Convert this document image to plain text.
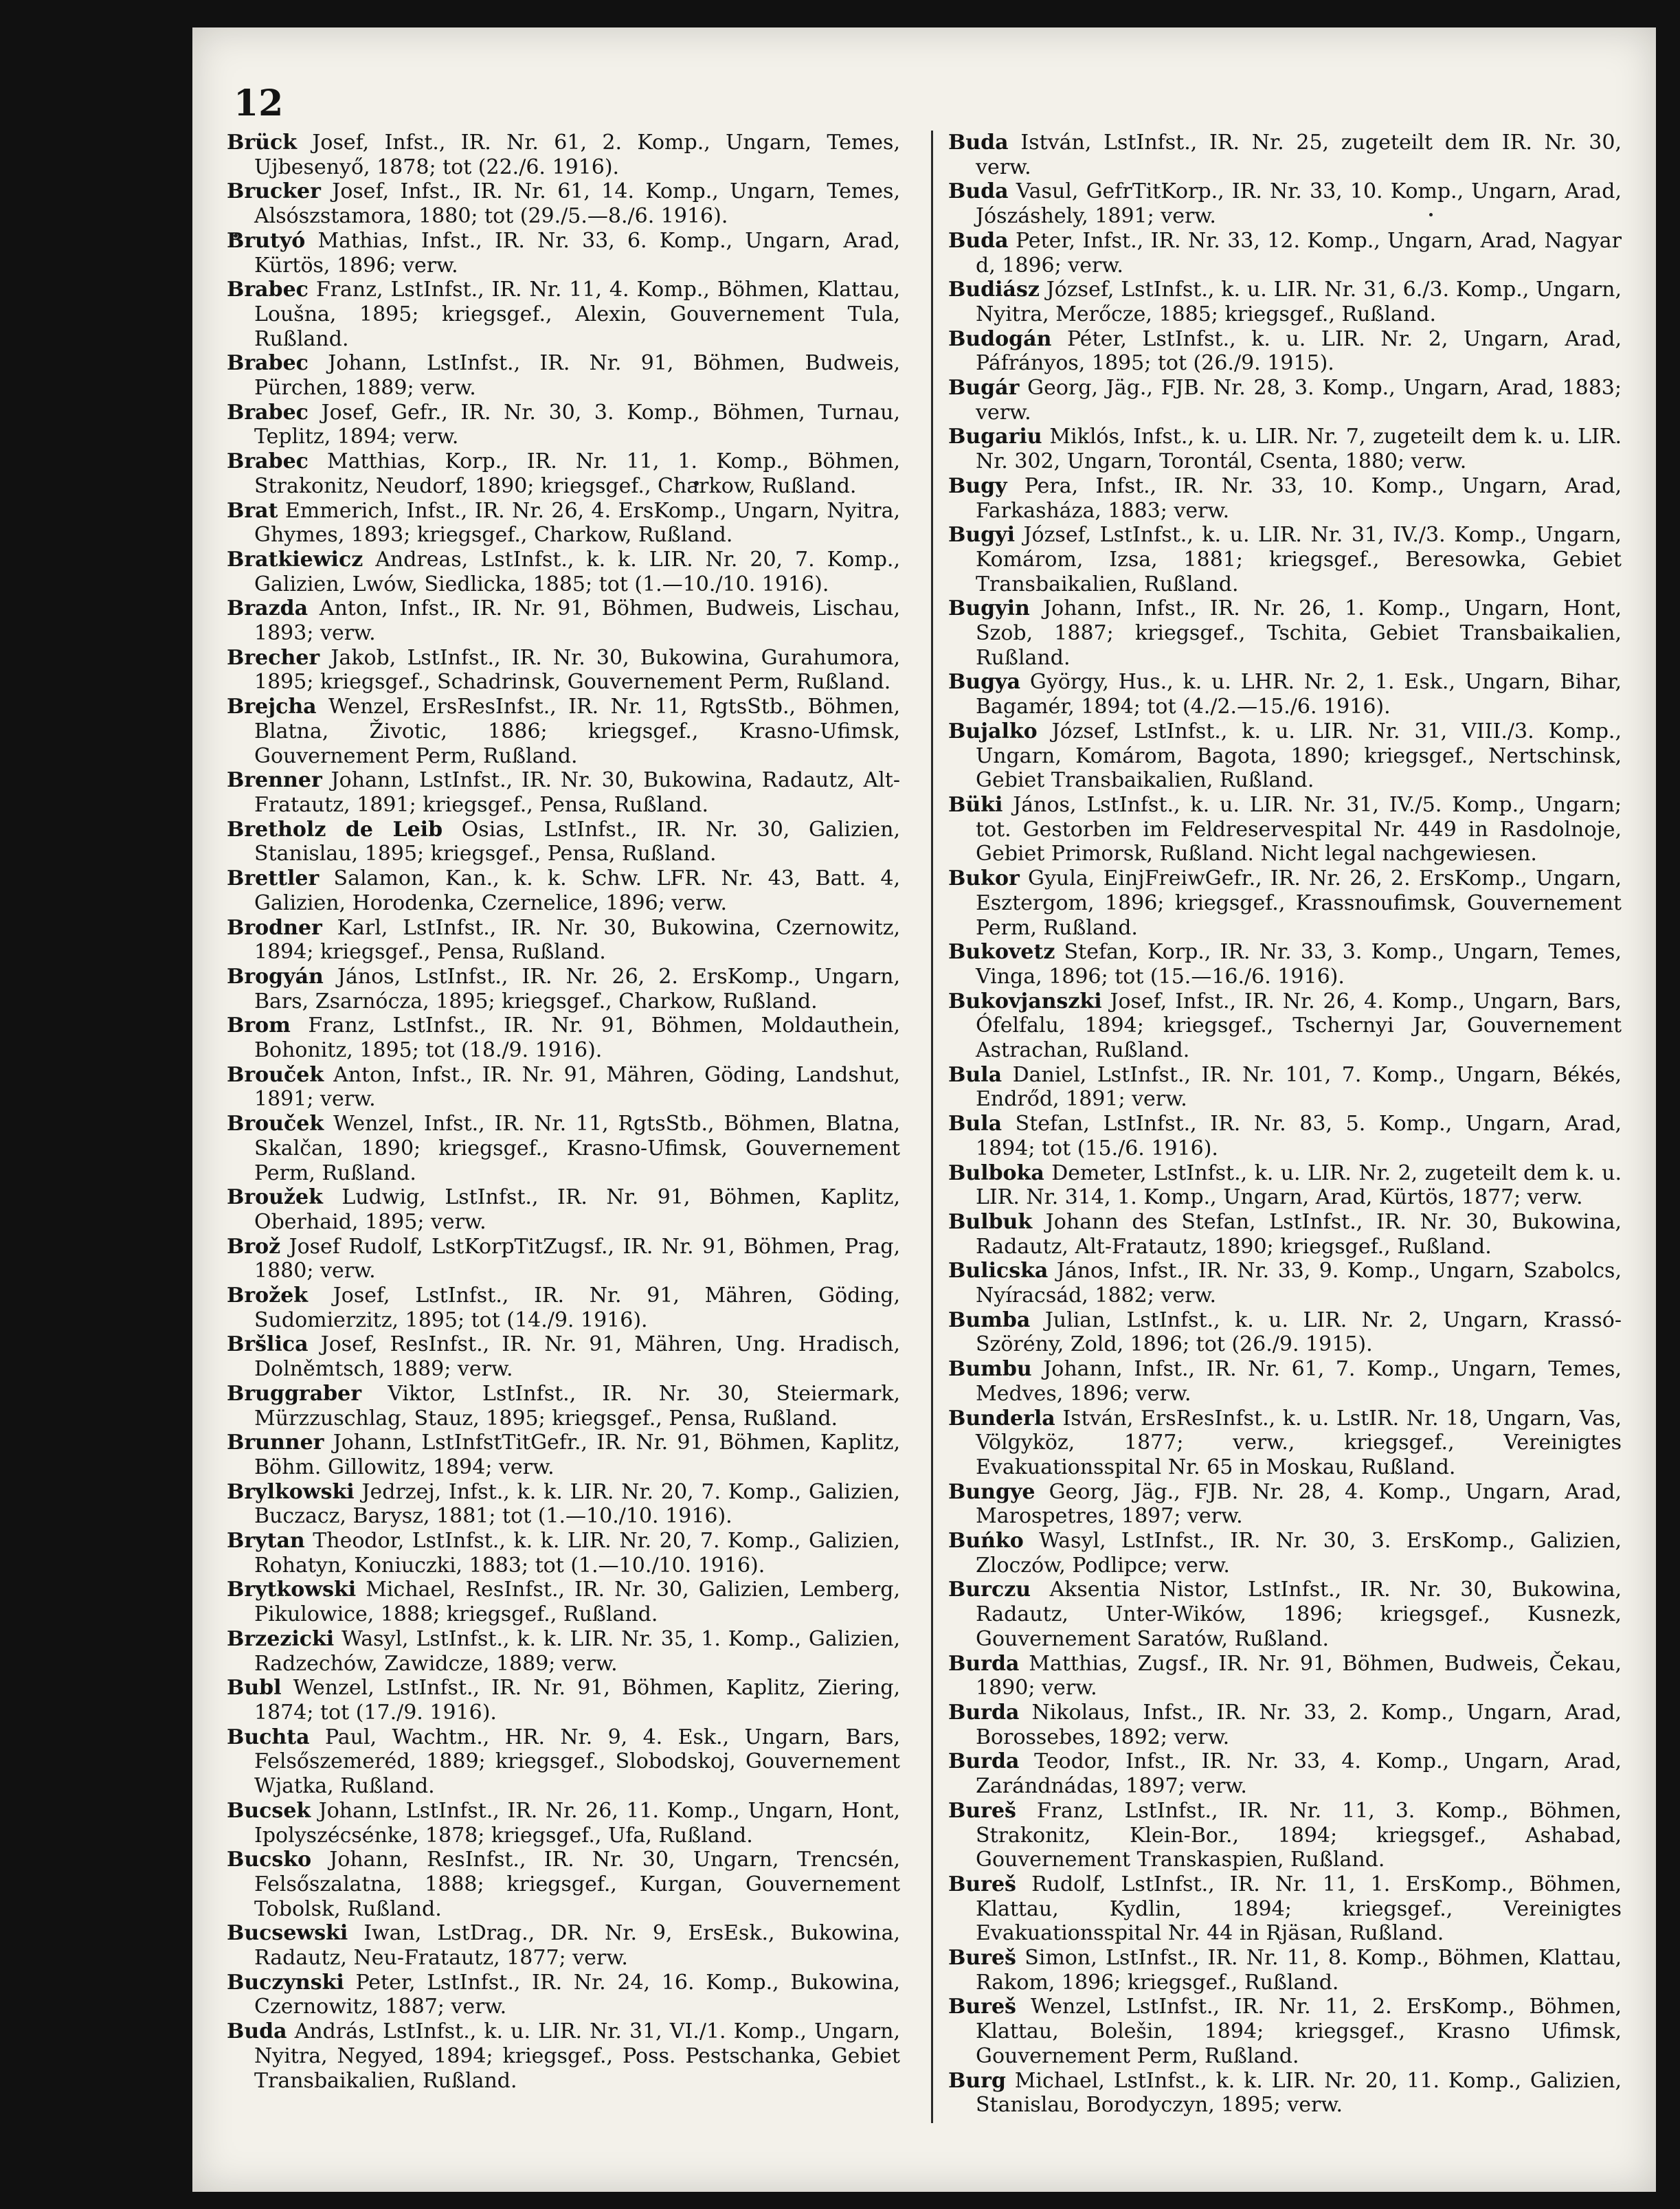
12

Brück Josef, Infst., IR. Nr. 61, 2. Komp., Ungarn, Temes, Ujbesenyő, 1878; tot (22./6. 1916).

Brucker Josef, Infst., IR. Nr. 61, 14. Komp., Ungarn, Temes, Alsószstamora, 1880; tot (29./5.—8./6. 1916).

Brutyó Mathias, Infst., IR. Nr. 33, 6. Komp., Ungarn, Arad, Kürtös, 1896; verw.

Brabec Franz, LstInfst., IR. Nr. 11, 4. Komp., Böhmen, Klattau, Loušna, 1895; kriegsgef., Alexin, Gouvernement Tula, Rußland.

Brabec Johann, LstInfst., IR. Nr. 91, Böhmen, Budweis, Pürchen, 1889; verw.

Brabec Josef, Gefr., IR. Nr. 30, 3. Komp., Böhmen, Turnau, Teplitz, 1894; verw.

Brabec Matthias, Korp., IR. Nr. 11, 1. Komp., Böhmen, Strakonitz, Neudorf, 1890; kriegsgef., Charkow, Rußland.

Brat Emmerich, Infst., IR. Nr. 26, 4. ErsKomp., Ungarn, Nyitra, Ghymes, 1893; kriegsgef., Charkow, Rußland.

Bratkiewicz Andreas, LstInfst., k. k. LIR. Nr. 20, 7. Komp., Galizien, Lwów, Siedlicka, 1885; tot (1.—10./10. 1916).

Brazda Anton, Infst., IR. Nr. 91, Böhmen, Budweis, Lischau, 1893; verw.

Brecher Jakob, LstInfst., IR. Nr. 30, Bukowina, Gurahumora, 1895; kriegsgef., Schadrinsk, Gouvernement Perm, Rußland.

Brejcha Wenzel, ErsResInfst., IR. Nr. 11, RgtsStb., Böhmen, Blatna, Životic, 1886; kriegsgef., Krasno-Ufimsk, Gouvernement Perm, Rußland.

Brenner Johann, LstInfst., IR. Nr. 30, Bukowina, Radautz, Alt-Fratautz, 1891; kriegsgef., Pensa, Rußland.

Bretholz de Leib Osias, LstInfst., IR. Nr. 30, Galizien, Stanislau, 1895; kriegsgef., Pensa, Rußland.

Brettler Salamon, Kan., k. k. Schw. LFR. Nr. 43, Batt. 4, Galizien, Horodenka, Czernelice, 1896; verw.

Brodner Karl, LstInfst., IR. Nr. 30, Bukowina, Czernowitz, 1894; kriegsgef., Pensa, Rußland.

Brogyán János, LstInfst., IR. Nr. 26, 2. ErsKomp., Ungarn, Bars, Zsarnócza, 1895; kriegsgef., Charkow, Rußland.

Brom Franz, LstInfst., IR. Nr. 91, Böhmen, Moldauthein, Bohonitz, 1895; tot (18./9. 1916).

Brouček Anton, Infst., IR. Nr. 91, Mähren, Göding, Landshut, 1891; verw.

Brouček Wenzel, Infst., IR. Nr. 11, RgtsStb., Böhmen, Blatna, Skalčan, 1890; kriegsgef., Krasno-Ufimsk, Gouvernement Perm, Rußland.

Broužek Ludwig, LstInfst., IR. Nr. 91, Böhmen, Kaplitz, Oberhaid, 1895; verw.

Brož Josef Rudolf, LstKorpTitZugsf., IR. Nr. 91, Böhmen, Prag, 1880; verw.

Brožek Josef, LstInfst., IR. Nr. 91, Mähren, Göding, Sudomierzitz, 1895; tot (14./9. 1916).

Bršlica Josef, ResInfst., IR. Nr. 91, Mähren, Ung. Hradisch, Dolněmtsch, 1889; verw.

Bruggraber Viktor, LstInfst., IR. Nr. 30, Steiermark, Mürzzuschlag, Stauz, 1895; kriegsgef., Pensa, Rußland.

Brunner Johann, LstInfstTitGefr., IR. Nr. 91, Böhmen, Kaplitz, Böhm. Gillowitz, 1894; verw.

Brylkowski Jedrzej, Infst., k. k. LIR. Nr. 20, 7. Komp., Galizien, Buczacz, Barysz, 1881; tot (1.—10./10. 1916).

Brytan Theodor, LstInfst., k. k. LIR. Nr. 20, 7. Komp., Galizien, Rohatyn, Koniuczki, 1883; tot (1.—10./10. 1916).

Brytkowski Michael, ResInfst., IR. Nr. 30, Galizien, Lemberg, Pikulowice, 1888; kriegsgef., Rußland.

Brzezicki Wasyl, LstInfst., k. k. LIR. Nr. 35, 1. Komp., Galizien, Radzechów, Zawidcze, 1889; verw.

Bubl Wenzel, LstInfst., IR. Nr. 91, Böhmen, Kaplitz, Ziering, 1874; tot (17./9. 1916).

Buchta Paul, Wachtm., HR. Nr. 9, 4. Esk., Ungarn, Bars, Felsőszemeréd, 1889; kriegsgef., Slobodskoj, Gouvernement Wjatka, Rußland.

Bucsek Johann, LstInfst., IR. Nr. 26, 11. Komp., Ungarn, Hont, Ipolyszécsénke, 1878; kriegsgef., Ufa, Rußland.

Bucsko Johann, ResInfst., IR. Nr. 30, Ungarn, Trencsén, Felsőszalatna, 1888; kriegsgef., Kurgan, Gouvernement Tobolsk, Rußland.

Bucsewski Iwan, LstDrag., DR. Nr. 9, ErsEsk., Bukowina, Radautz, Neu-Fratautz, 1877; verw.

Buczynski Peter, LstInfst., IR. Nr. 24, 16. Komp., Bukowina, Czernowitz, 1887; verw.

Buda András, LstInfst., k. u. LIR. Nr. 31, VI./1. Komp., Ungarn, Nyitra, Negyed, 1894; kriegsgef., Poss. Pestschanka, Gebiet Transbaikalien, Rußland.

Buda István, LstInfst., IR. Nr. 25, zugeteilt dem IR. Nr. 30, verw.

Buda Vasul, GefrTitKorp., IR. Nr. 33, 10. Komp., Ungarn, Arad, Jószáshely, 1891; verw.

Buda Peter, Infst., IR. Nr. 33, 12. Komp., Ungarn, Arad, Nagyar d, 1896; verw.

Budiász József, LstInfst., k. u. LIR. Nr. 31, 6./3. Komp., Ungarn, Nyitra, Merőcze, 1885; kriegsgef., Rußland.

Budogán Péter, LstInfst., k. u. LIR. Nr. 2, Ungarn, Arad, Páfrányos, 1895; tot (26./9. 1915).

Bugár Georg, Jäg., FJB. Nr. 28, 3. Komp., Ungarn, Arad, 1883; verw.

Bugariu Miklós, Infst., k. u. LIR. Nr. 7, zugeteilt dem k. u. LIR. Nr. 302, Ungarn, Torontál, Csenta, 1880; verw.

Bugy Pera, Infst., IR. Nr. 33, 10. Komp., Ungarn, Arad, Farkasháza, 1883; verw.

Bugyi József, LstInfst., k. u. LIR. Nr. 31, IV./3. Komp., Ungarn, Komárom, Izsa, 1881; kriegsgef., Beresowka, Gebiet Transbaikalien, Rußland.

Bugyin Johann, Infst., IR. Nr. 26, 1. Komp., Ungarn, Hont, Szob, 1887; kriegsgef., Tschita, Gebiet Transbaikalien, Rußland.

Bugya György, Hus., k. u. LHR. Nr. 2, 1. Esk., Ungarn, Bihar, Bagamér, 1894; tot (4./2.—15./6. 1916).

Bujalko József, LstInfst., k. u. LIR. Nr. 31, VIII./3. Komp., Ungarn, Komárom, Bagota, 1890; kriegsgef., Nertschinsk, Gebiet Transbaikalien, Rußland.

Büki János, LstInfst., k. u. LIR. Nr. 31, IV./5. Komp., Ungarn; tot. Gestorben im Feldreservespital Nr. 449 in Rasdolnoje, Gebiet Primorsk, Rußland. Nicht legal nachgewiesen.

Bukor Gyula, EinjFreiwGefr., IR. Nr. 26, 2. ErsKomp., Ungarn, Esztergom, 1896; kriegsgef., Krassnoufimsk, Gouvernement Perm, Rußland.

Bukovetz Stefan, Korp., IR. Nr. 33, 3. Komp., Ungarn, Temes, Vinga, 1896; tot (15.—16./6. 1916).

Bukovjanszki Josef, Infst., IR. Nr. 26, 4. Komp., Ungarn, Bars, Ófelfalu, 1894; kriegsgef., Tschernyi Jar, Gouvernement Astrachan, Rußland.

Bula Daniel, LstInfst., IR. Nr. 101, 7. Komp., Ungarn, Békés, Endrőd, 1891; verw.

Bula Stefan, LstInfst., IR. Nr. 83, 5. Komp., Ungarn, Arad, 1894; tot (15./6. 1916).

Bulboka Demeter, LstInfst., k. u. LIR. Nr. 2, zugeteilt dem k. u. LIR. Nr. 314, 1. Komp., Ungarn, Arad, Kürtös, 1877; verw.

Bulbuk Johann des Stefan, LstInfst., IR. Nr. 30, Bukowina, Radautz, Alt-Fratautz, 1890; kriegsgef., Rußland.

Bulicska János, Infst., IR. Nr. 33, 9. Komp., Ungarn, Szabolcs, Nyíracsád, 1882; verw.

Bumba Julian, LstInfst., k. u. LIR. Nr. 2, Ungarn, Krassó-Szörény, Zold, 1896; tot (26./9. 1915).

Bumbu Johann, Infst., IR. Nr. 61, 7. Komp., Ungarn, Temes, Medves, 1896; verw.

Bunderla István, ErsResInfst., k. u. LstIR. Nr. 18, Ungarn, Vas, Völgyköz, 1877; verw., kriegsgef., Vereinigtes Evakuationsspital Nr. 65 in Moskau, Rußland.

Bungye Georg, Jäg., FJB. Nr. 28, 4. Komp., Ungarn, Arad, Marospetres, 1897; verw.

Buńko Wasyl, LstInfst., IR. Nr. 30, 3. ErsKomp., Galizien, Zloczów, Podlipce; verw.

Burczu Aksentia Nistor, LstInfst., IR. Nr. 30, Bukowina, Radautz, Unter-Wików, 1896; kriegsgef., Kusnezk, Gouvernement Saratów, Rußland.

Burda Matthias, Zugsf., IR. Nr. 91, Böhmen, Budweis, Čekau, 1890; verw.

Burda Nikolaus, Infst., IR. Nr. 33, 2. Komp., Ungarn, Arad, Borossebes, 1892; verw.

Burda Teodor, Infst., IR. Nr. 33, 4. Komp., Ungarn, Arad, Zarándnádas, 1897; verw.

Bureš Franz, LstInfst., IR. Nr. 11, 3. Komp., Böhmen, Strakonitz, Klein-Bor., 1894; kriegsgef., Ashabad, Gouvernement Transkaspien, Rußland.

Bureš Rudolf, LstInfst., IR. Nr. 11, 1. ErsKomp., Böhmen, Klattau, Kydlin, 1894; kriegsgef., Vereinigtes Evakuationsspital Nr. 44 in Rjäsan, Rußland.

Bureš Simon, LstInfst., IR. Nr. 11, 8. Komp., Böhmen, Klattau, Rakom, 1896; kriegsgef., Rußland.

Bureš Wenzel, LstInfst., IR. Nr. 11, 2. ErsKomp., Böhmen, Klattau, Bolešin, 1894; kriegsgef., Krasno Ufimsk, Gouvernement Perm, Rußland.

Burg Michael, LstInfst., k. k. LIR. Nr. 20, 11. Komp., Galizien, Stanislau, Borodyczyn, 1895; verw.
